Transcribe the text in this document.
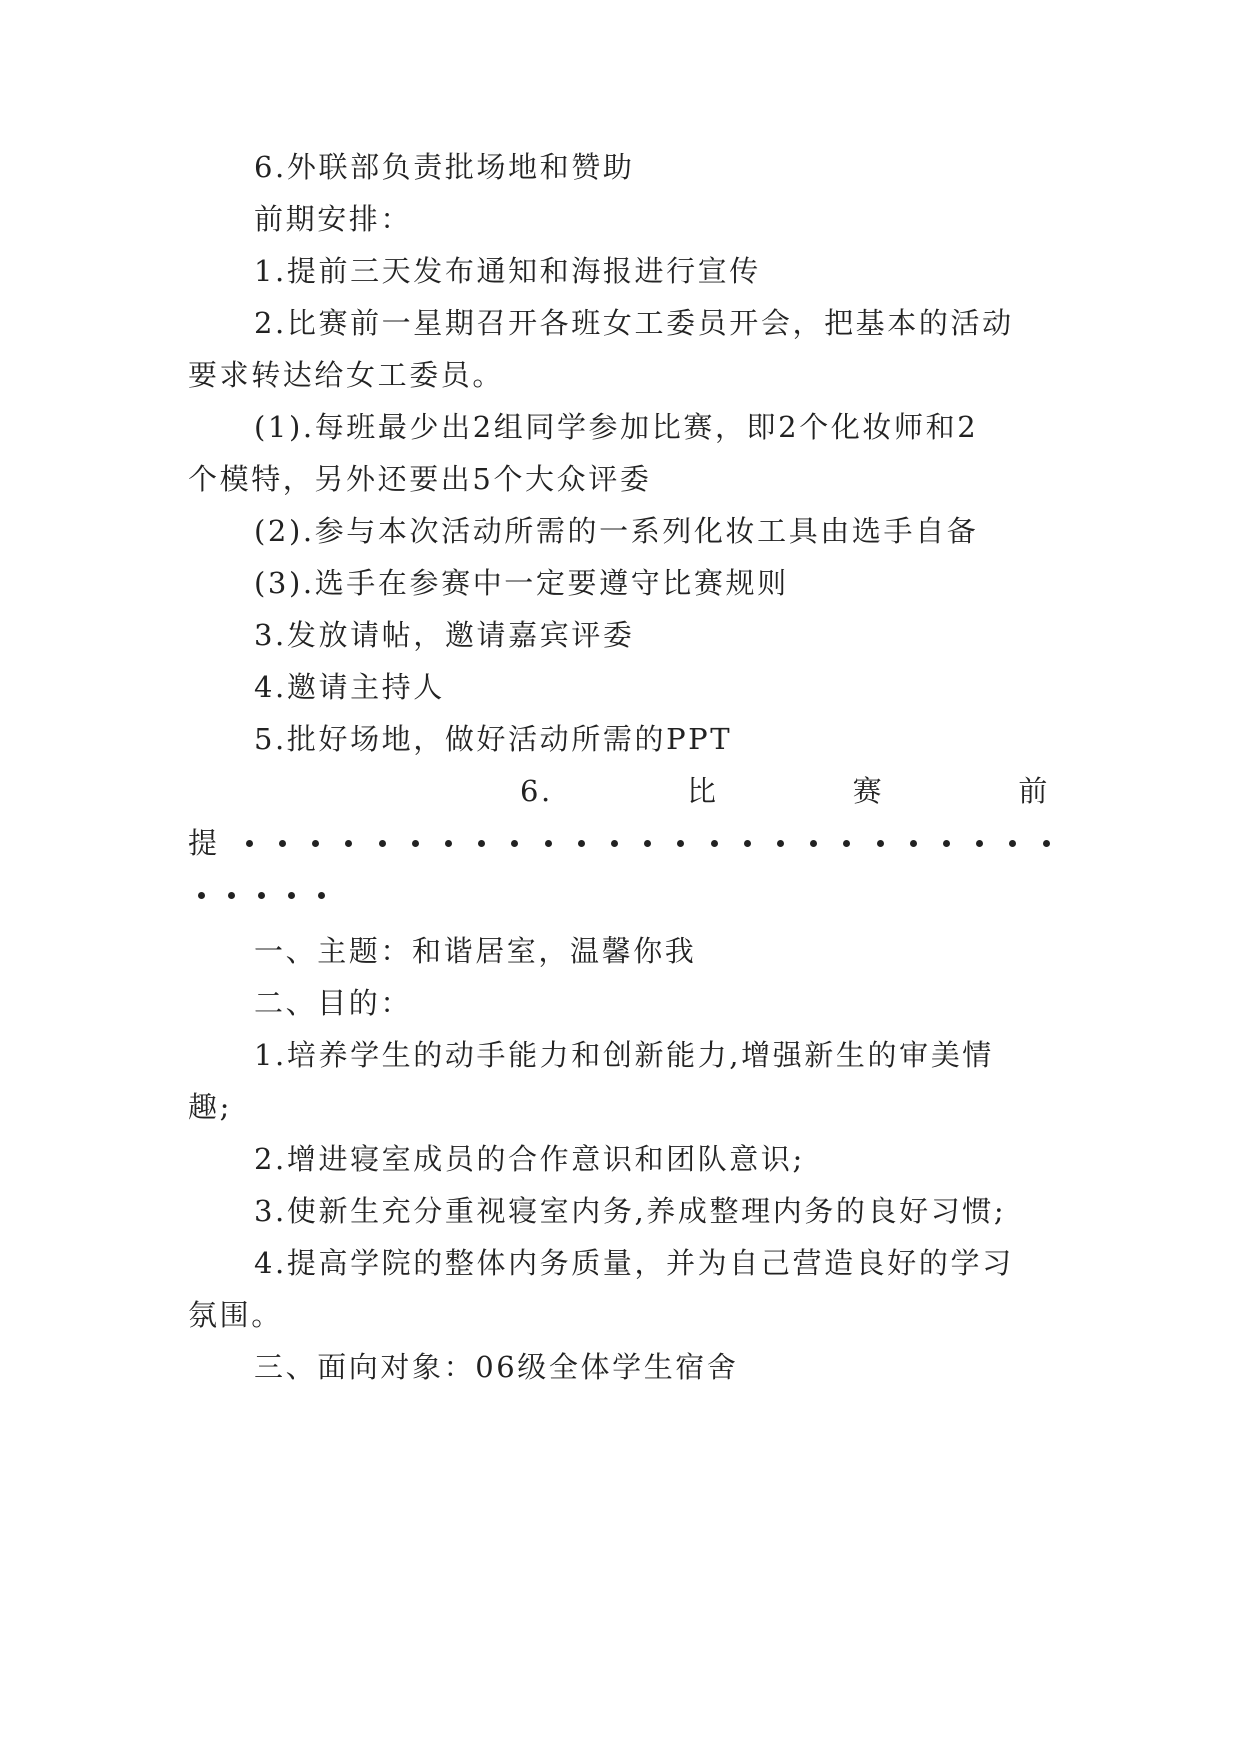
6.外联部负责批场地和赞助
前期安排：
1.提前三天发布通知和海报进行宣传
2.比赛前一星期召开各班女工委员开会，把基本的活动
要求转达给女工委员。
(1).每班最少出2组同学参加比赛，即2个化妆师和2
个模特，另外还要出5个大众评委
(2).参与本次活动所需的一系列化妆工具由选手自备
(3).选手在参赛中一定要遵守比赛规则
3.发放请帖，邀请嘉宾评委
4.邀请主持人
5.批好场地，做好活动所需的PPT
6.	比	赛	前
提
一、主题：和谐居室，温馨你我
二、目的：
1.培养学生的动手能力和创新能力,增强新生的审美情
趣;
2.增进寝室成员的合作意识和团队意识;
3.使新生充分重视寝室内务,养成整理内务的良好习惯;
4.提高学院的整体内务质量，并为自己营造良好的学习
氛围。
三、面向对象：06级全体学生宿舍
